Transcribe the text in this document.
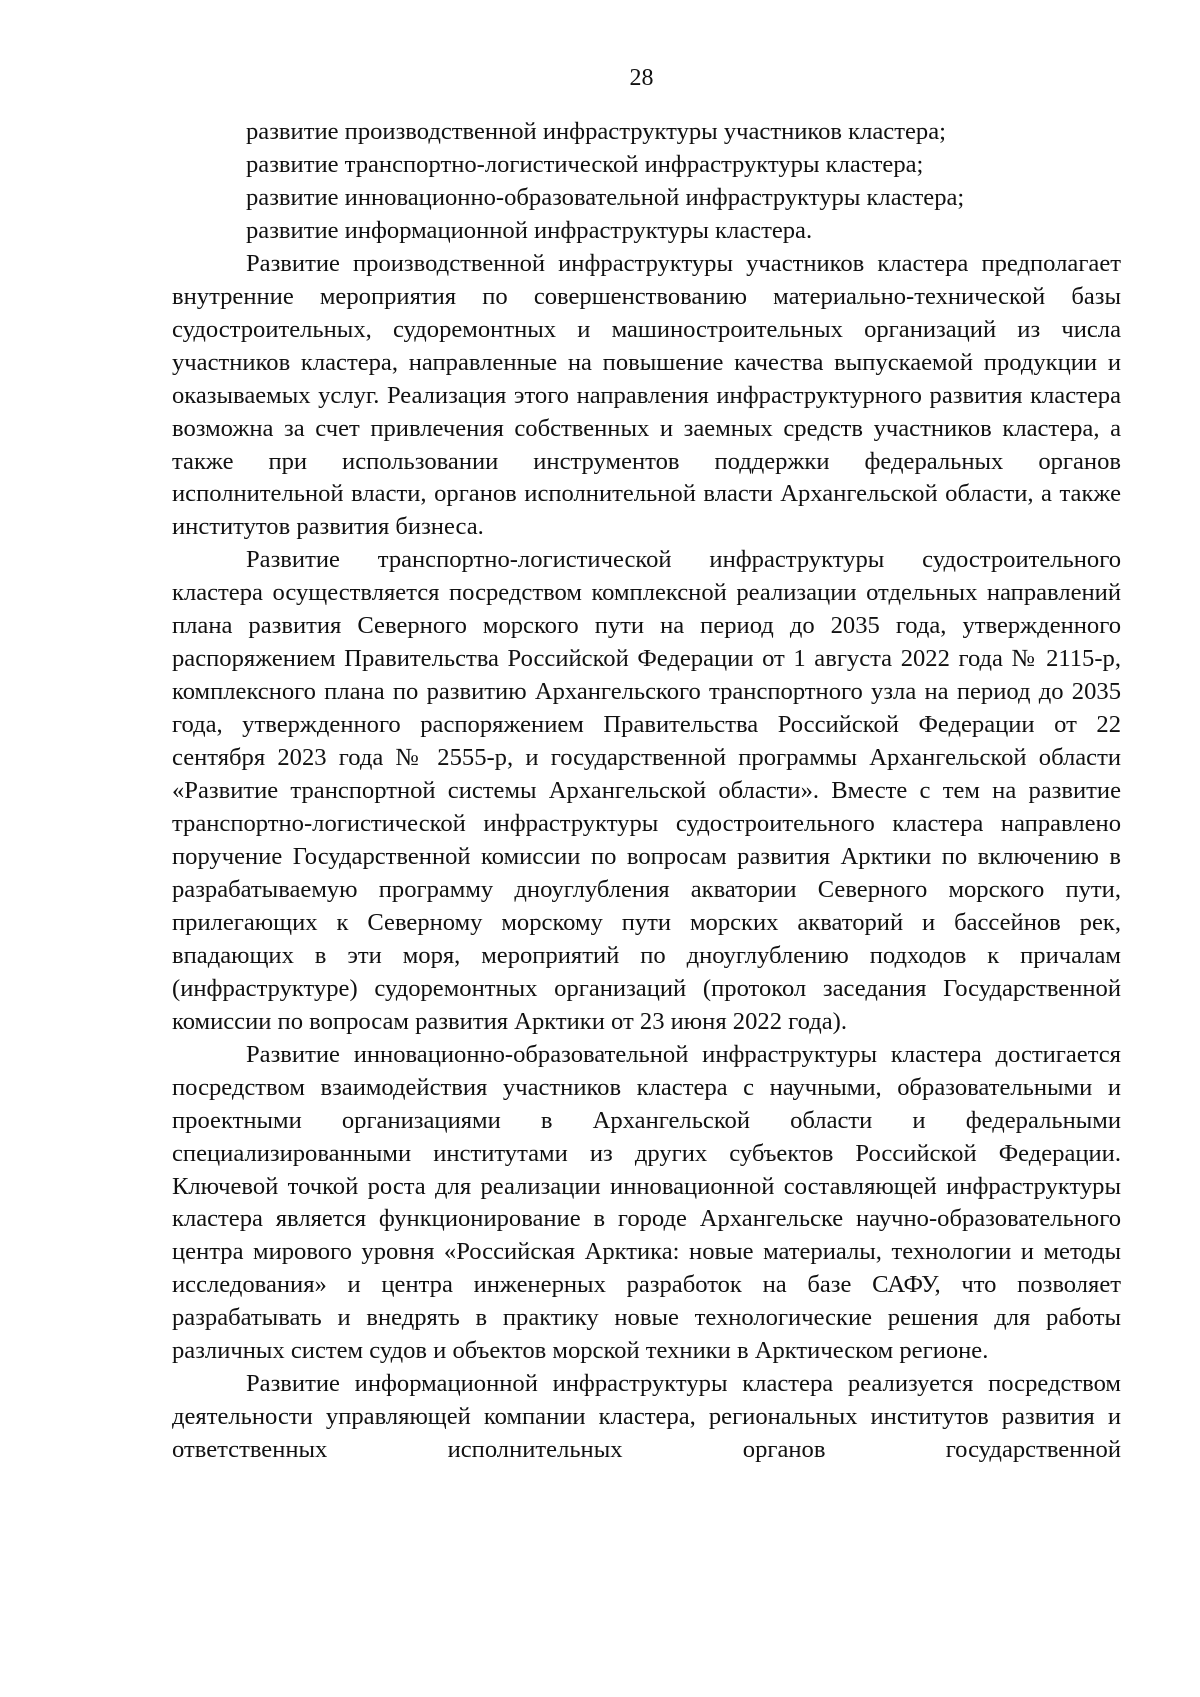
28

развитие производственной инфраструктуры участников кластера;

развитие транспортно-логистической инфраструктуры кластера;

развитие инновационно-образовательной инфраструктуры кластера;

развитие информационной инфраструктуры кластера.

Развитие производственной инфраструктуры участников кластера предполагает внутренние мероприятия по совершенствованию материально-технической базы судостроительных, судоремонтных и машиностроительных организаций из числа участников кластера, направленные на повышение качества выпускаемой продукции и оказываемых услуг. Реализация этого направления инфраструктурного развития кластера возможна за счет привлечения собственных и заемных средств участников кластера, а также при использовании инструментов поддержки федеральных органов исполнительной власти, органов исполнительной власти Архангельской области, а также институтов развития бизнеса.

Развитие транспортно-логистической инфраструктуры судостроительного кластера осуществляется посредством комплексной реализации отдельных направлений плана развития Северного морского пути на период до 2035 года, утвержденного распоряжением Правительства Российской Федерации от 1 августа 2022 года № 2115-р, комплексного плана по развитию Архангельского транспортного узла на период до 2035 года, утвержденного распоряжением Правительства Российской Федерации от 22 сентября 2023 года № 2555-р, и государственной программы Архангельской области «Развитие транспортной системы Архангельской области». Вместе с тем на развитие транспортно-логистической инфраструктуры судостроительного кластера направлено поручение Государственной комиссии по вопросам развития Арктики по включению в разрабатываемую программу дноуглубления акватории Северного морского пути, прилегающих к Северному морскому пути морских акваторий и бассейнов рек, впадающих в эти моря, мероприятий по дноуглублению подходов к причалам (инфраструктуре) судоремонтных организаций (протокол заседания Государственной комиссии по вопросам развития Арктики от 23 июня 2022 года).

Развитие инновационно-образовательной инфраструктуры кластера достигается посредством взаимодействия участников кластера с научными, образовательными и проектными организациями в Архангельской области и федеральными специализированными институтами из других субъектов Российской Федерации. Ключевой точкой роста для реализации инновационной составляющей инфраструктуры кластера является функционирование в городе Архангельске научно-образовательного центра мирового уровня «Российская Арктика: новые материалы, технологии и методы исследования» и центра инженерных разработок на базе САФУ, что позволяет разрабатывать и внедрять в практику новые технологические решения для работы различных систем судов и объектов морской техники в Арктическом регионе.

Развитие информационной инфраструктуры кластера реализуется посредством деятельности управляющей компании кластера, региональных институтов развития и ответственных исполнительных органов государственной
